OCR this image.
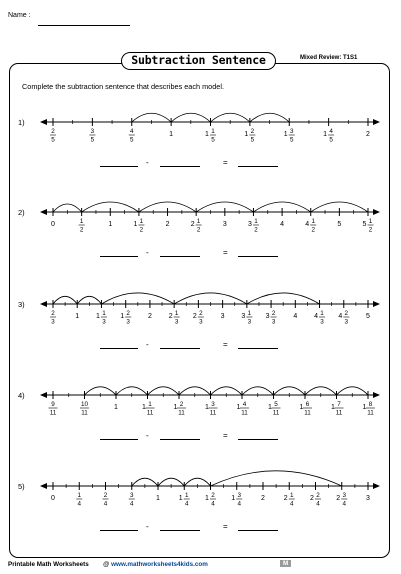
Name :
Subtraction Sentence	Mixed Review: T1S1
Complete the subtraction sentence that describes each model.
1)
2
5
3
5
4
5
1	1 1
5
1 2
5
1 3
5
1 4
5
2
-	=
2)
0	1
2
1	1 1
2
2	2 1
2
3	3 1
2
4	4 1
2
5	5 1
2
-	=
3)
2
3
1 1 1
3
1 2
3
2 2 1
3
2 2
3
3 3 1
3
3 2
3
4 4 1
3
4 2
3
5
-	=
4)
9
11
10
11
1	1 1
11
1 2
11
1 3
11
1 4
11
1 5
11
1 6
11
1 7
11
1 8
11
-	=
5)
0	1
4
2
4
3
4
1	1 1
4
1 2
4
1 3
4
2	2 1
4
2 2
4
2 3
4
3
-	=
Printable Math Worksheets @ www.mathworksheets4kids.com	M
